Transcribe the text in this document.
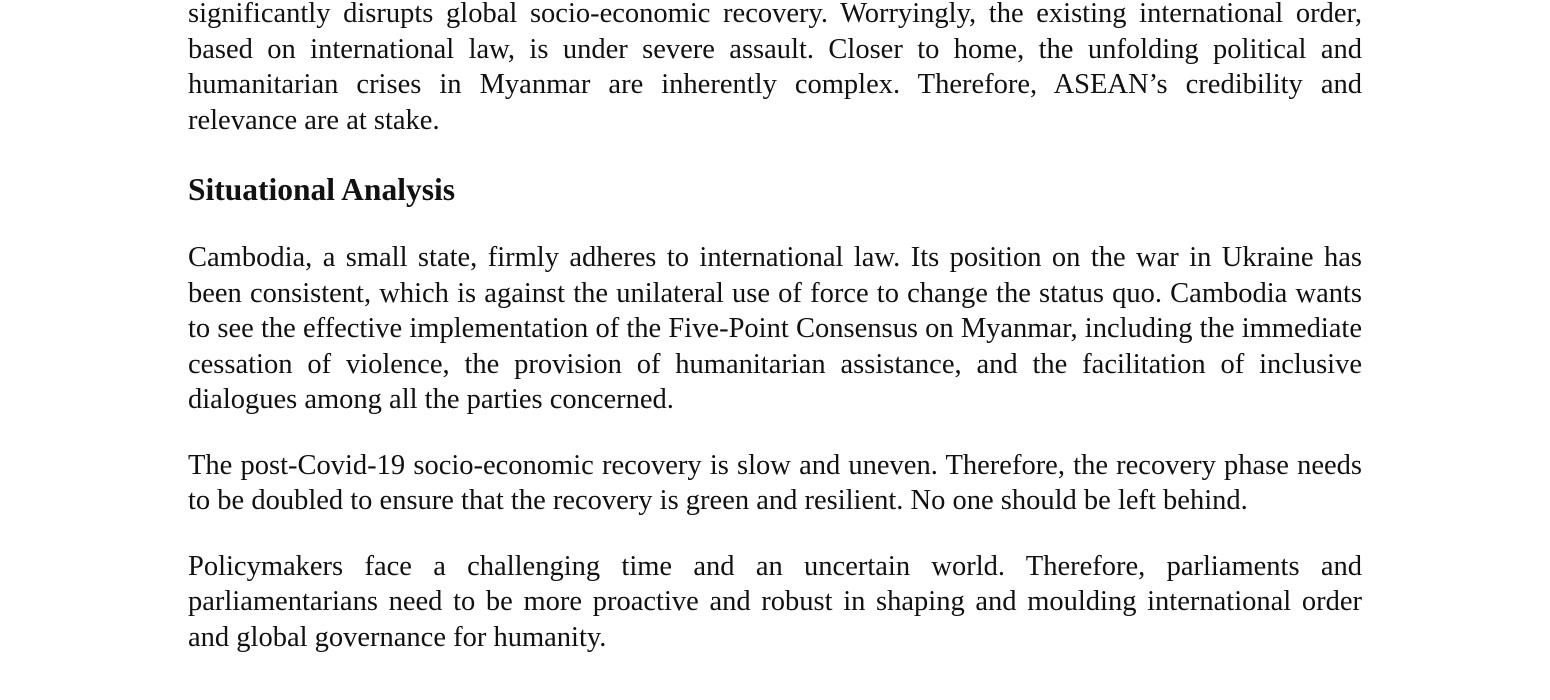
significantly disrupts global socio-economic recovery. Worryingly, the existing international order, based on international law, is under severe assault. Closer to home, the unfolding political and humanitarian crises in Myanmar are inherently complex. Therefore, ASEAN’s credibility and relevance are at stake.

Situational Analysis

Cambodia, a small state, firmly adheres to international law. Its position on the war in Ukraine has been consistent, which is against the unilateral use of force to change the status quo. Cambodia wants to see the effective implementation of the Five-Point Consensus on Myanmar, including the immediate cessation of violence, the provision of humanitarian assistance, and the facilitation of inclusive dialogues among all the parties concerned.

The post-Covid-19 socio-economic recovery is slow and uneven. Therefore, the recovery phase needs to be doubled to ensure that the recovery is green and resilient. No one should be left behind.

Policymakers face a challenging time and an uncertain world. Therefore, parliaments and parliamentarians need to be more proactive and robust in shaping and moulding international order and global governance for humanity.
